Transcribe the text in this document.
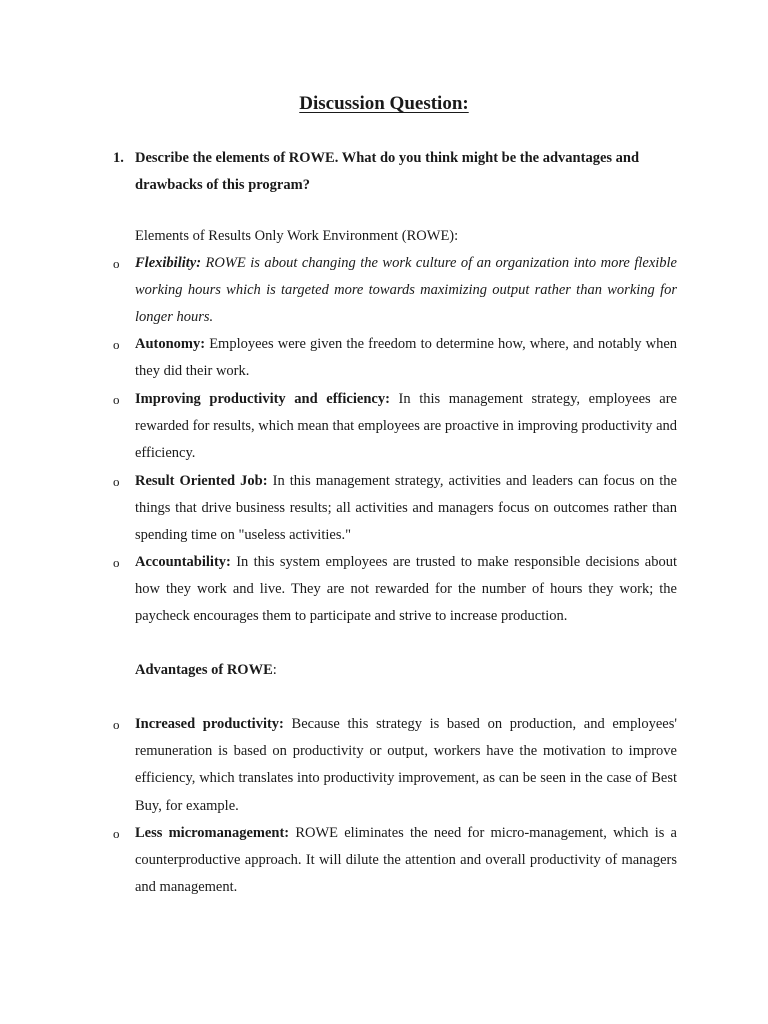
Discussion Question:
1. Describe the elements of ROWE. What do you think might be the advantages and drawbacks of this program?
Elements of Results Only Work Environment (ROWE):
o Flexibility: ROWE is about changing the work culture of an organization into more flexible working hours which is targeted more towards maximizing output rather than working for longer hours.
o Autonomy: Employees were given the freedom to determine how, where, and notably when they did their work.
o Improving productivity and efficiency: In this management strategy, employees are rewarded for results, which mean that employees are proactive in improving productivity and efficiency.
o Result Oriented Job: In this management strategy, activities and leaders can focus on the things that drive business results; all activities and managers focus on outcomes rather than spending time on "useless activities."
o Accountability: In this system employees are trusted to make responsible decisions about how they work and live. They are not rewarded for the number of hours they work; the paycheck encourages them to participate and strive to increase production.
Advantages of ROWE:
o Increased productivity: Because this strategy is based on production, and employees' remuneration is based on productivity or output, workers have the motivation to improve efficiency, which translates into productivity improvement, as can be seen in the case of Best Buy, for example.
o Less micromanagement: ROWE eliminates the need for micro-management, which is a counterproductive approach. It will dilute the attention and overall productivity of managers and management.
